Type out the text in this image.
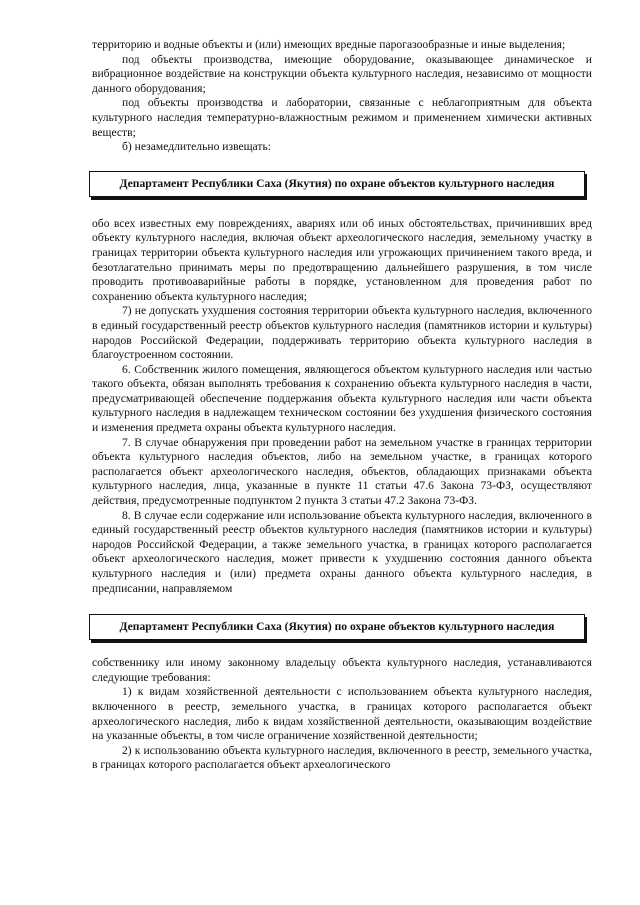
территорию и водные объекты и (или) имеющих вредные парогазообразные и иные выделения;

под объекты производства, имеющие оборудование, оказывающее динамическое и вибрационное воздействие на конструкции объекта культурного наследия, независимо от мощности данного оборудования;

под объекты производства и лаборатории, связанные с неблагоприятным для объекта культурного наследия температурно-влажностным режимом и применением химически активных веществ;

б) незамедлительно извещать:

Департамент Республики Саха (Якутия) по охране объектов культурного наследия

обо всех известных ему повреждениях, авариях или об иных обстоятельствах, причинивших вред объекту культурного наследия, включая объект археологического наследия, земельному участку в границах территории объекта культурного наследия или угрожающих причинением такого вреда, и безотлагательно принимать меры по предотвращению дальнейшего разрушения, в том числе проводить противоаварийные работы в порядке, установленном для проведения работ по сохранению объекта культурного наследия;

7) не допускать ухудшения состояния территории объекта культурного наследия, включенного в единый государственный реестр объектов культурного наследия (памятников истории и культуры) народов Российской Федерации, поддерживать территорию объекта культурного наследия в благоустроенном состоянии.

6. Собственник жилого помещения, являющегося объектом культурного наследия или частью такого объекта, обязан выполнять требования к сохранению объекта культурного наследия в части, предусматривающей обеспечение поддержания объекта культурного наследия или части объекта культурного наследия в надлежащем техническом состоянии без ухудшения физического состояния и изменения предмета охраны объекта культурного наследия.

7. В случае обнаружения при проведении работ на земельном участке в границах территории объекта культурного наследия объектов, либо на земельном участке, в границах которого располагается объект археологического наследия, объектов, обладающих признаками объекта культурного наследия, лица, указанные в пункте 11 статьи 47.6 Закона 73-ФЗ, осуществляют действия, предусмотренные подпунктом 2 пункта 3 статьи 47.2 Закона 73-ФЗ.

8. В случае если содержание или использование объекта культурного наследия, включенного в единый государственный реестр объектов культурного наследия (памятников истории и культуры) народов Российской Федерации, а также земельного участка, в границах которого располагается объект археологического наследия, может привести к ухудшению состояния данного объекта культурного наследия и (или) предмета охраны данного объекта культурного наследия, в предписании, направляемом

Департамент Республики Саха (Якутия) по охране объектов культурного наследия

собственнику или иному законному владельцу объекта культурного наследия, устанавливаются следующие требования:

1) к видам хозяйственной деятельности с использованием объекта культурного наследия, включенного в реестр, земельного участка, в границах которого располагается объект археологического наследия, либо к видам хозяйственной деятельности, оказывающим воздействие на указанные объекты, в том числе ограничение хозяйственной деятельности;

2) к использованию объекта культурного наследия, включенного в реестр, земельного участка, в границах которого располагается объект археологического
